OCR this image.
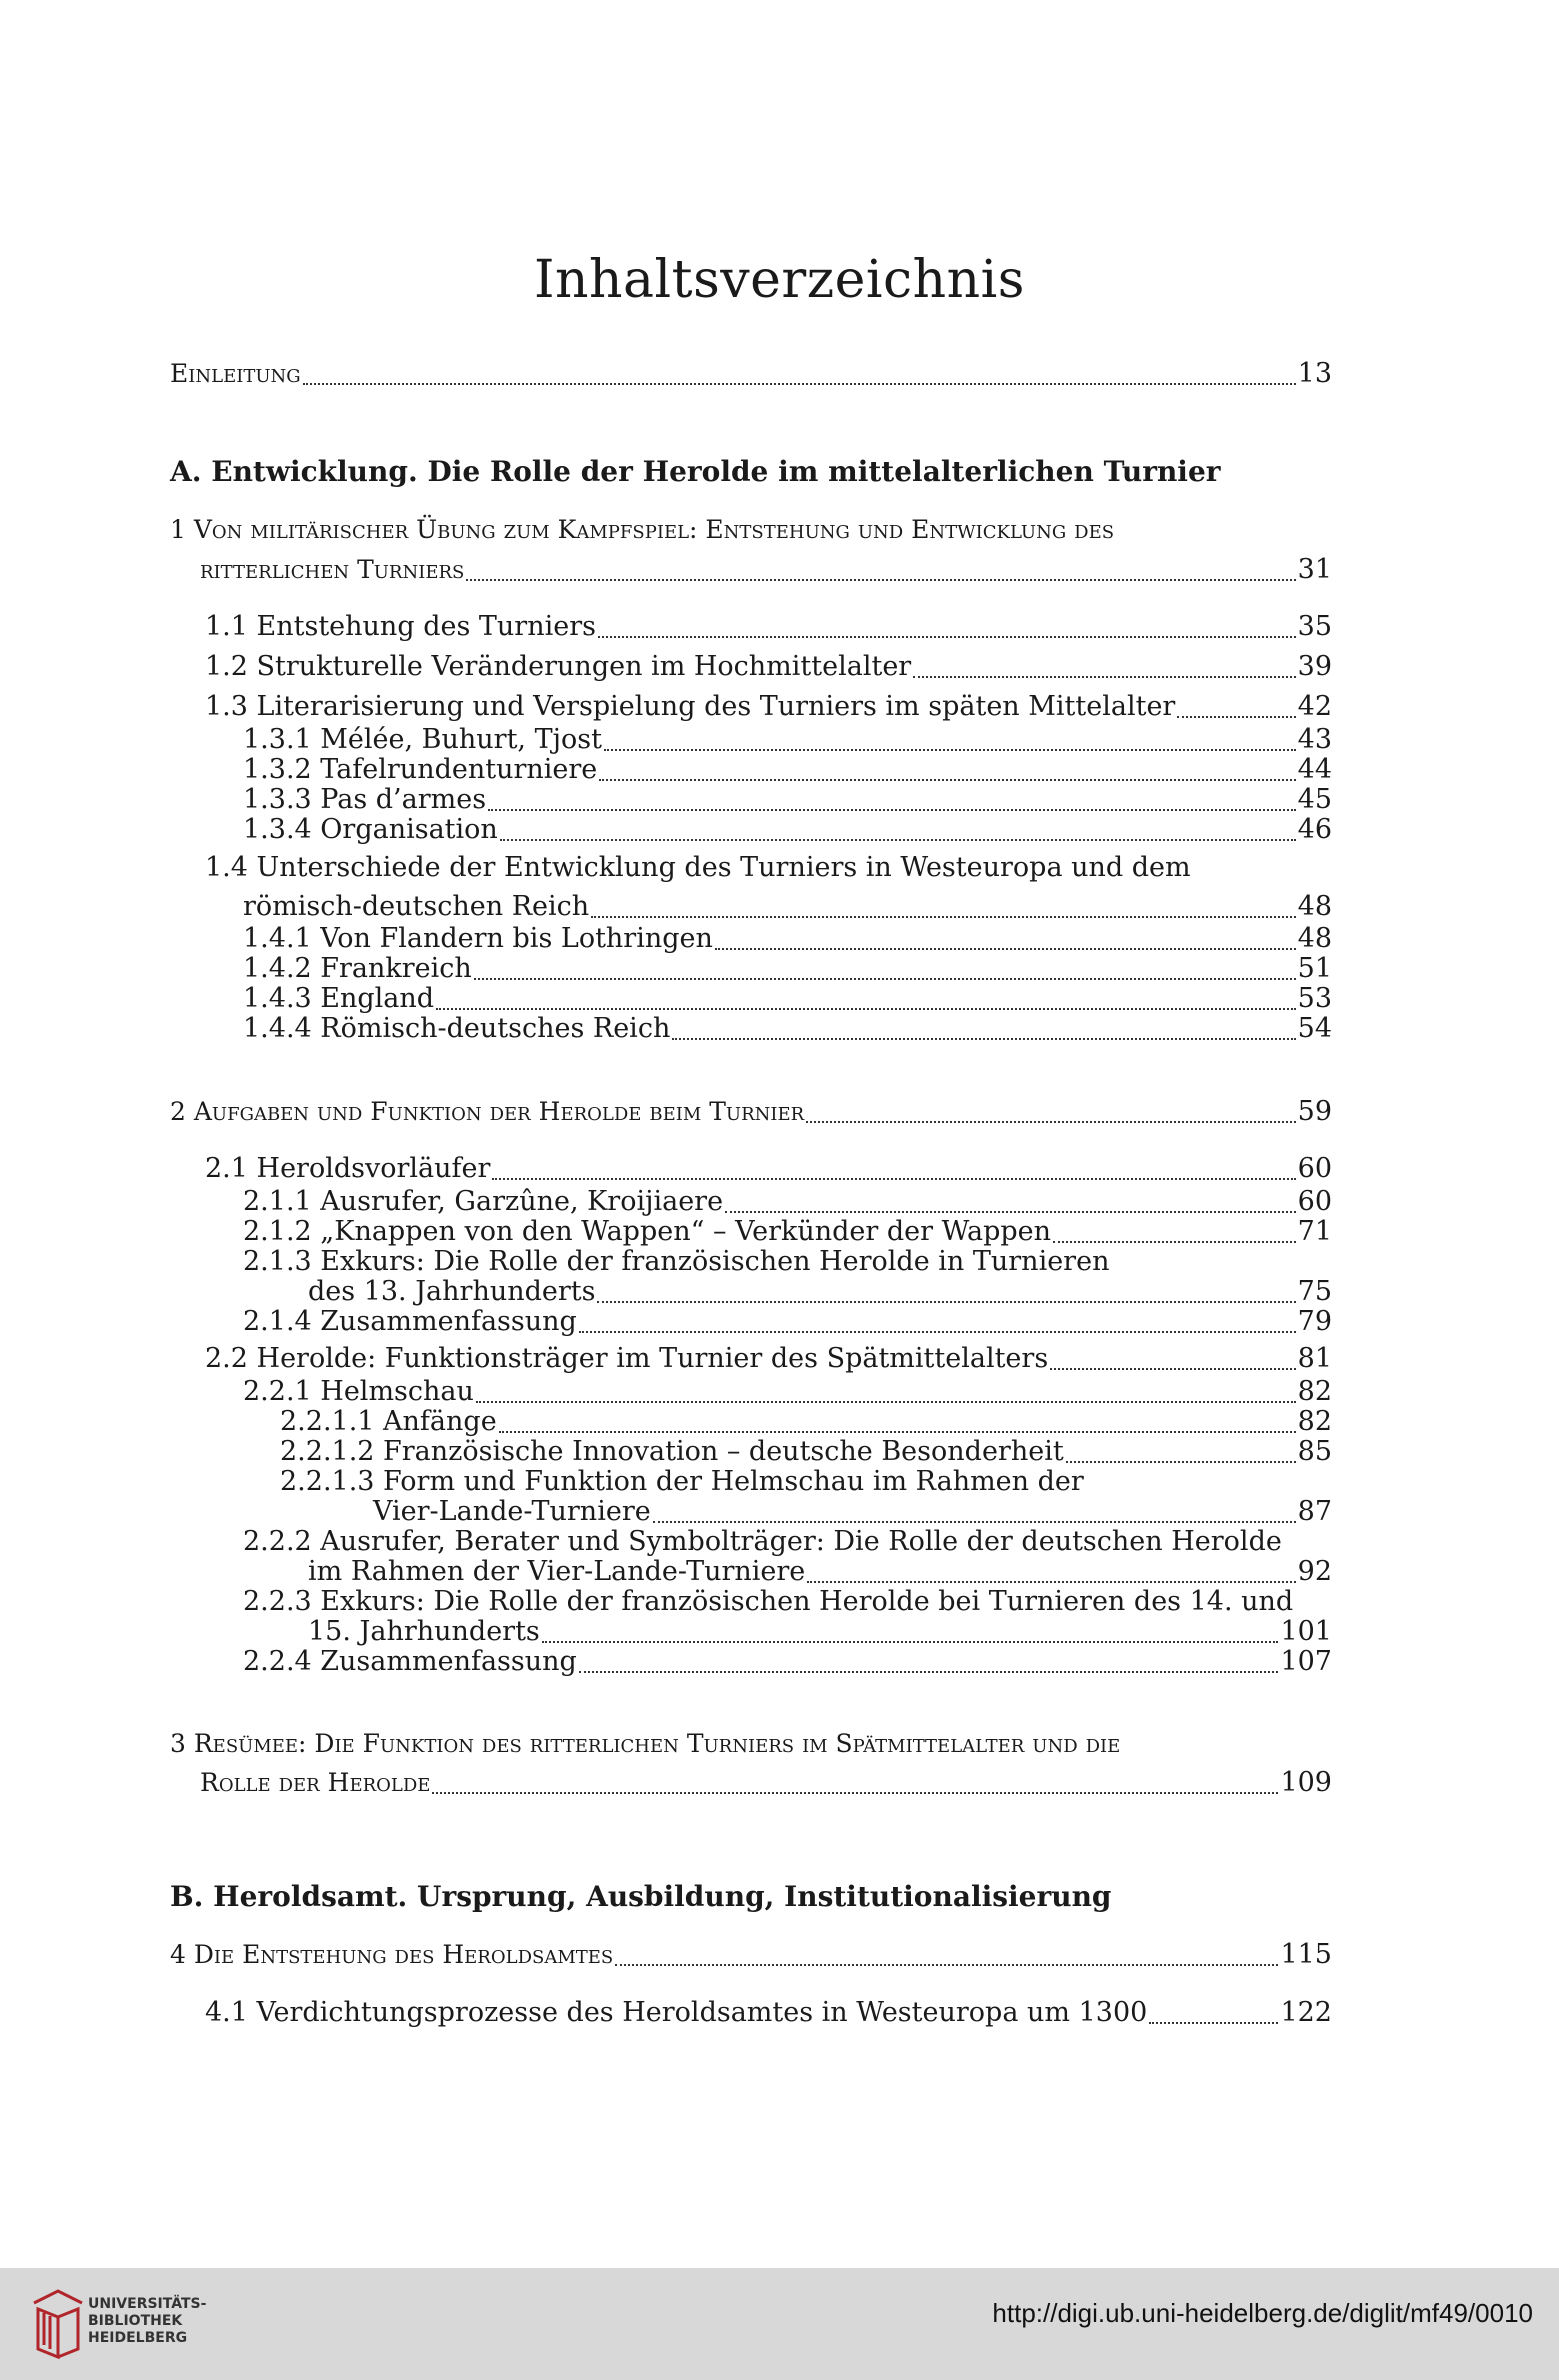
Inhaltsverzeichnis
Einleitung	13
A. Entwicklung. Die Rolle der Herolde im mittelalterlichen Turnier
1 Von militärischer Übung zum Kampfspiel: Entstehung und Entwicklung des
ritterlichen Turniers	31
1.1 Entstehung des Turniers	35
1.2 Strukturelle Veränderungen im Hochmittelalter	39
1.3 Literarisierung und Verspielung des Turniers im späten Mittelalter	42
1.3.1 Mélée, Buhurt, Tjost	43
1.3.2 Tafelrundenturniere	44
1.3.3 Pas d’armes	45
1.3.4 Organisation	46
1.4 Unterschiede der Entwicklung des Turniers in Westeuropa und dem
römisch-deutschen Reich	48
1.4.1 Von Flandern bis Lothringen	48
1.4.2 Frankreich	51
1.4.3 England	53
1.4.4 Römisch-deutsches Reich	54
2 Aufgaben und Funktion der Herolde beim Turnier	59
2.1 Heroldsvorläufer	60
2.1.1 Ausrufer, Garzûne, Kroijiaere	60
2.1.2 „Knappen von den Wappen“ – Verkünder der Wappen	71
2.1.3 Exkurs: Die Rolle der französischen Herolde in Turnieren
des 13. Jahrhunderts	75
2.1.4 Zusammenfassung	79
2.2 Herolde: Funktionsträger im Turnier des Spätmittelalters	81
2.2.1 Helmschau	82
2.2.1.1 Anfänge	82
2.2.1.2 Französische Innovation – deutsche Besonderheit	85
2.2.1.3 Form und Funktion der Helmschau im Rahmen der
Vier-Lande-Turniere	87
2.2.2 Ausrufer, Berater und Symbolträger: Die Rolle der deutschen Herolde
im Rahmen der Vier-Lande-Turniere	92
2.2.3 Exkurs: Die Rolle der französischen Herolde bei Turnieren des 14. und
15. Jahrhunderts	101
2.2.4 Zusammenfassung	107
3 Resümee: Die Funktion des ritterlichen Turniers im Spätmittelalter und die
Rolle der Herolde	109
B. Heroldsamt. Ursprung, Ausbildung, Institutionalisierung
4 Die Entstehung des Heroldsamtes	115
4.1 Verdichtungsprozesse des Heroldsamtes in Westeuropa um 1300	122
UNIVERSITÄTS-
BIBLIOTHEK
HEIDELBERG
http://digi.ub.uni-heidelberg.de/diglit/mf49/0010
